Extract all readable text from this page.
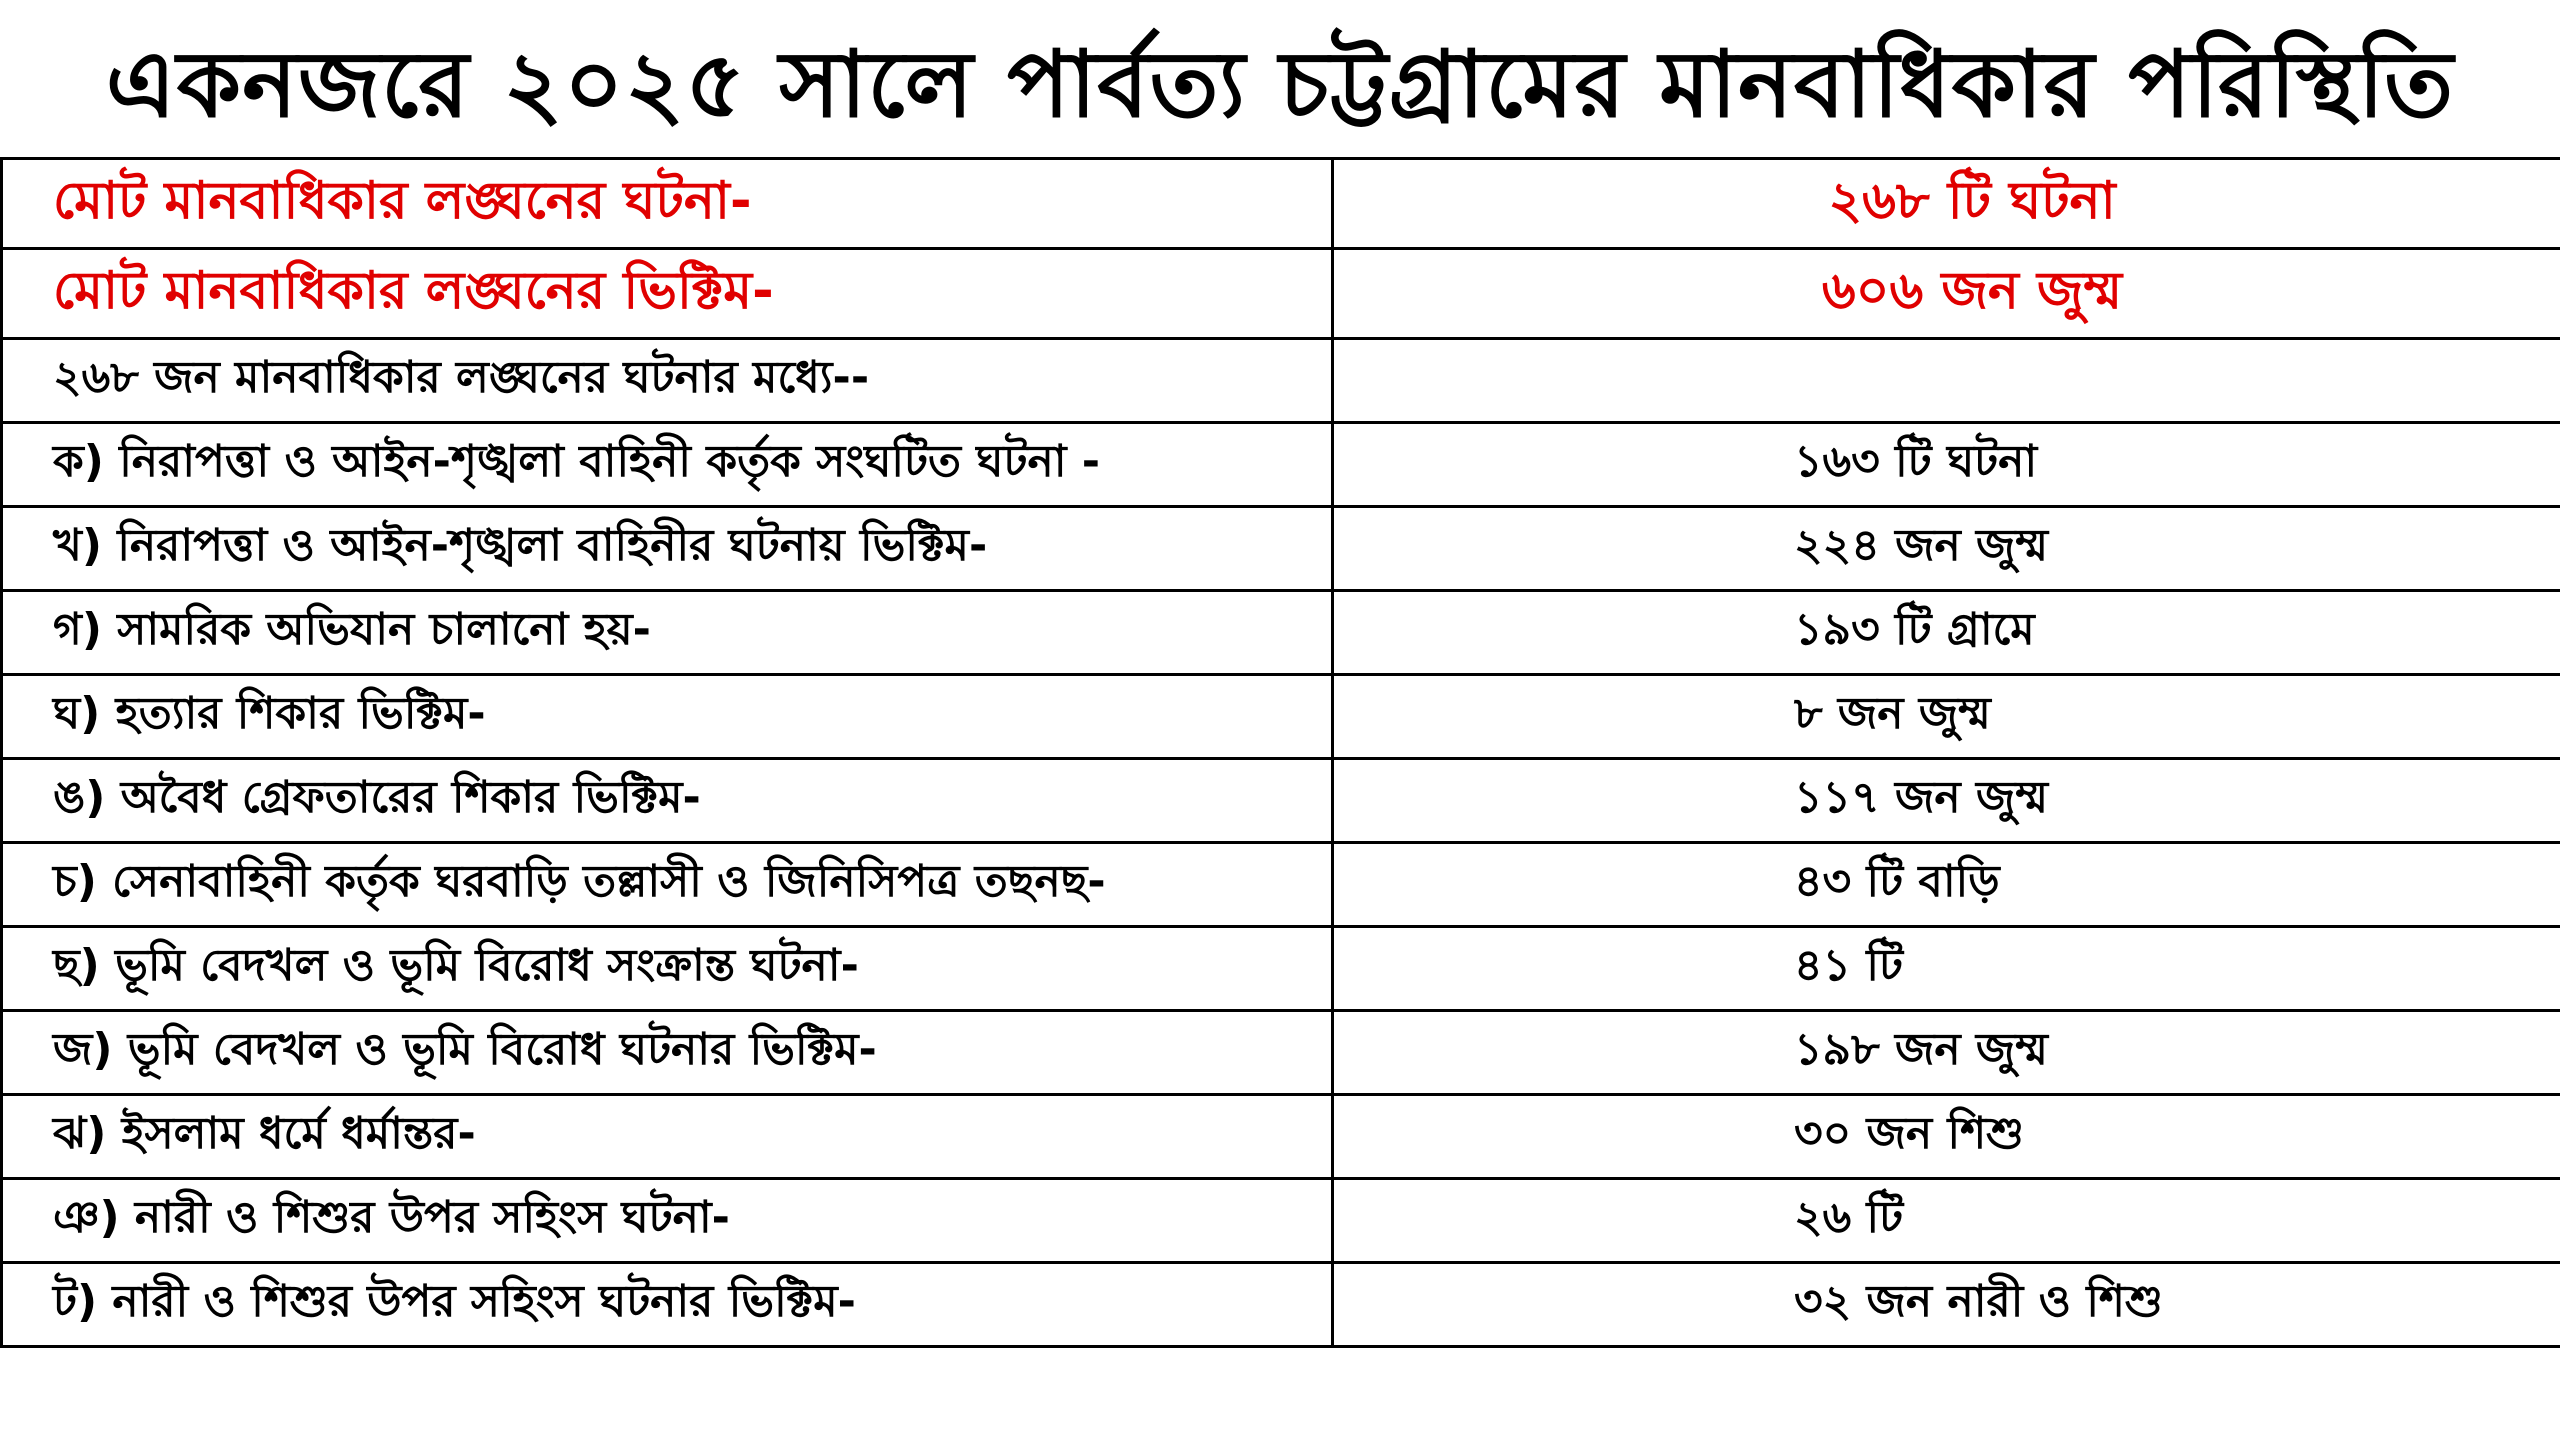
একনজরে ২০২৫ সালে পার্বত্য চট্টগ্রামের মানবাধিকার পরিস্থিতি
মোট মানবাধিকার লঙ্ঘনের ঘটনা-	২৬৮ টি ঘটনা
মোট মানবাধিকার লঙ্ঘনের ভিক্টিম-	৬০৬ জন জুম্ম
২৬৮ জন মানবাধিকার লঙ্ঘনের ঘটনার মধ্যে--	
ক) নিরাপত্তা ও আইন-শৃঙ্খলা বাহিনী কর্তৃক সংঘটিত ঘটনা -	১৬৩ টি ঘটনা
খ) নিরাপত্তা ও আইন-শৃঙ্খলা বাহিনীর ঘটনায় ভিক্টিম-	২২৪ জন জুম্ম
গ) সামরিক অভিযান চালানো হয়-	১৯৩ টি গ্রামে
ঘ) হত্যার শিকার ভিক্টিম-	৮ জন জুম্ম
ঙ) অবৈধ গ্রেফতারের শিকার ভিক্টিম-	১১৭ জন জুম্ম
চ) সেনাবাহিনী কর্তৃক ঘরবাড়ি তল্লাসী ও জিনিসিপত্র তছনছ-	৪৩ টি বাড়ি
ছ) ভূমি বেদখল ও ভূমি বিরোধ সংক্রান্ত ঘটনা-	৪১ টি
জ) ভূমি বেদখল ও ভূমি বিরোধ ঘটনার ভিক্টিম-	১৯৮ জন জুম্ম
ঝ) ইসলাম ধর্মে ধর্মান্তর-	৩০ জন শিশু
ঞ) নারী ও শিশুর উপর সহিংস ঘটনা-	২৬ টি
ট) নারী ও শিশুর উপর সহিংস ঘটনার ভিক্টিম-	৩২ জন নারী ও শিশু
